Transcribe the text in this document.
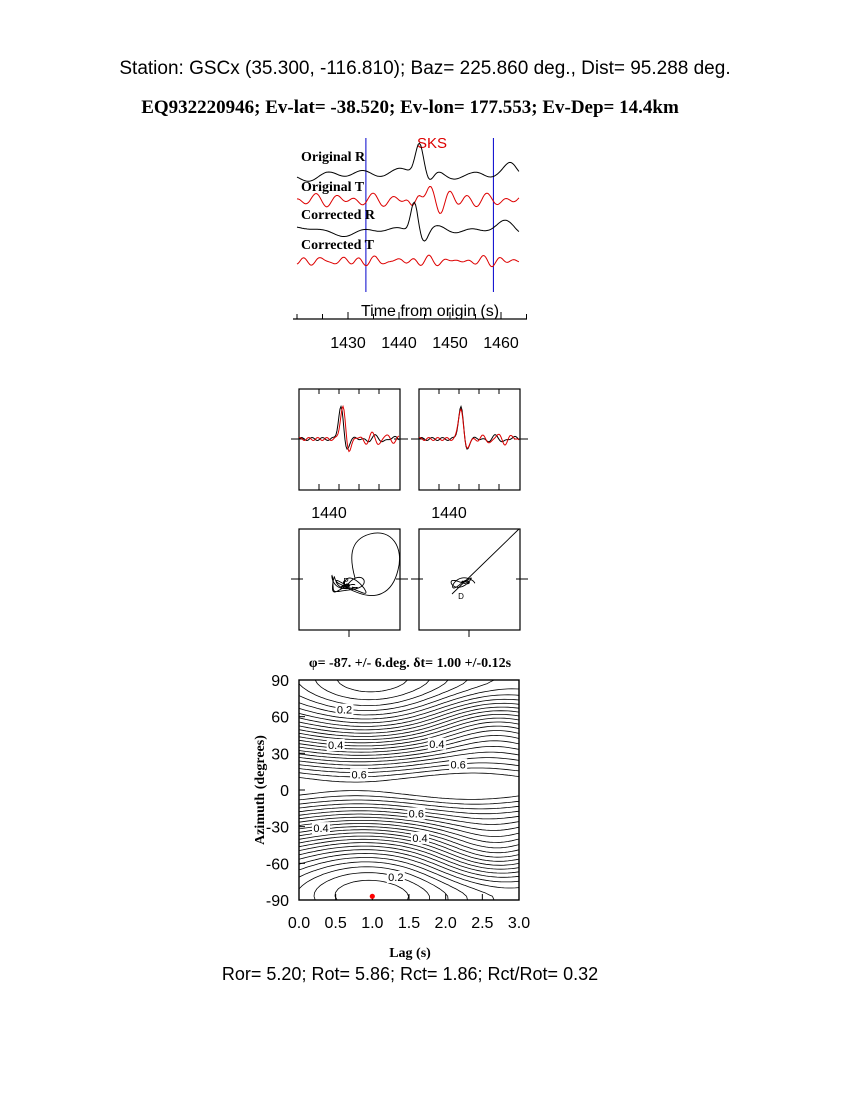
Station: GSCx (35.300, -116.810); Baz= 225.860 deg., Dist= 95.288 deg.
EQ932220946; Ev-lat= -38.520; Ev-lon= 177.553; Ev-Dep= 14.4km
SKS
Original R
Original T
Corrected R
Corrected T
Time from origin (s)
1430 1440 1450 1460
1440	1440
P
D
φ= -87. +/- 6.deg. δt= 1.00 +/-0.12s
0.0 0.5 1.0 1.5 2.0 2.5 3.0
90
60
30
0
-30
-60
-90
0.2
0.4	0.4
0.6
0.6
0.6
0.4
0.4
0.2
Lag (s)
Azimuth (degrees)
Ror= 5.20; Rot= 5.86; Rct= 1.86; Rct/Rot= 0.32
